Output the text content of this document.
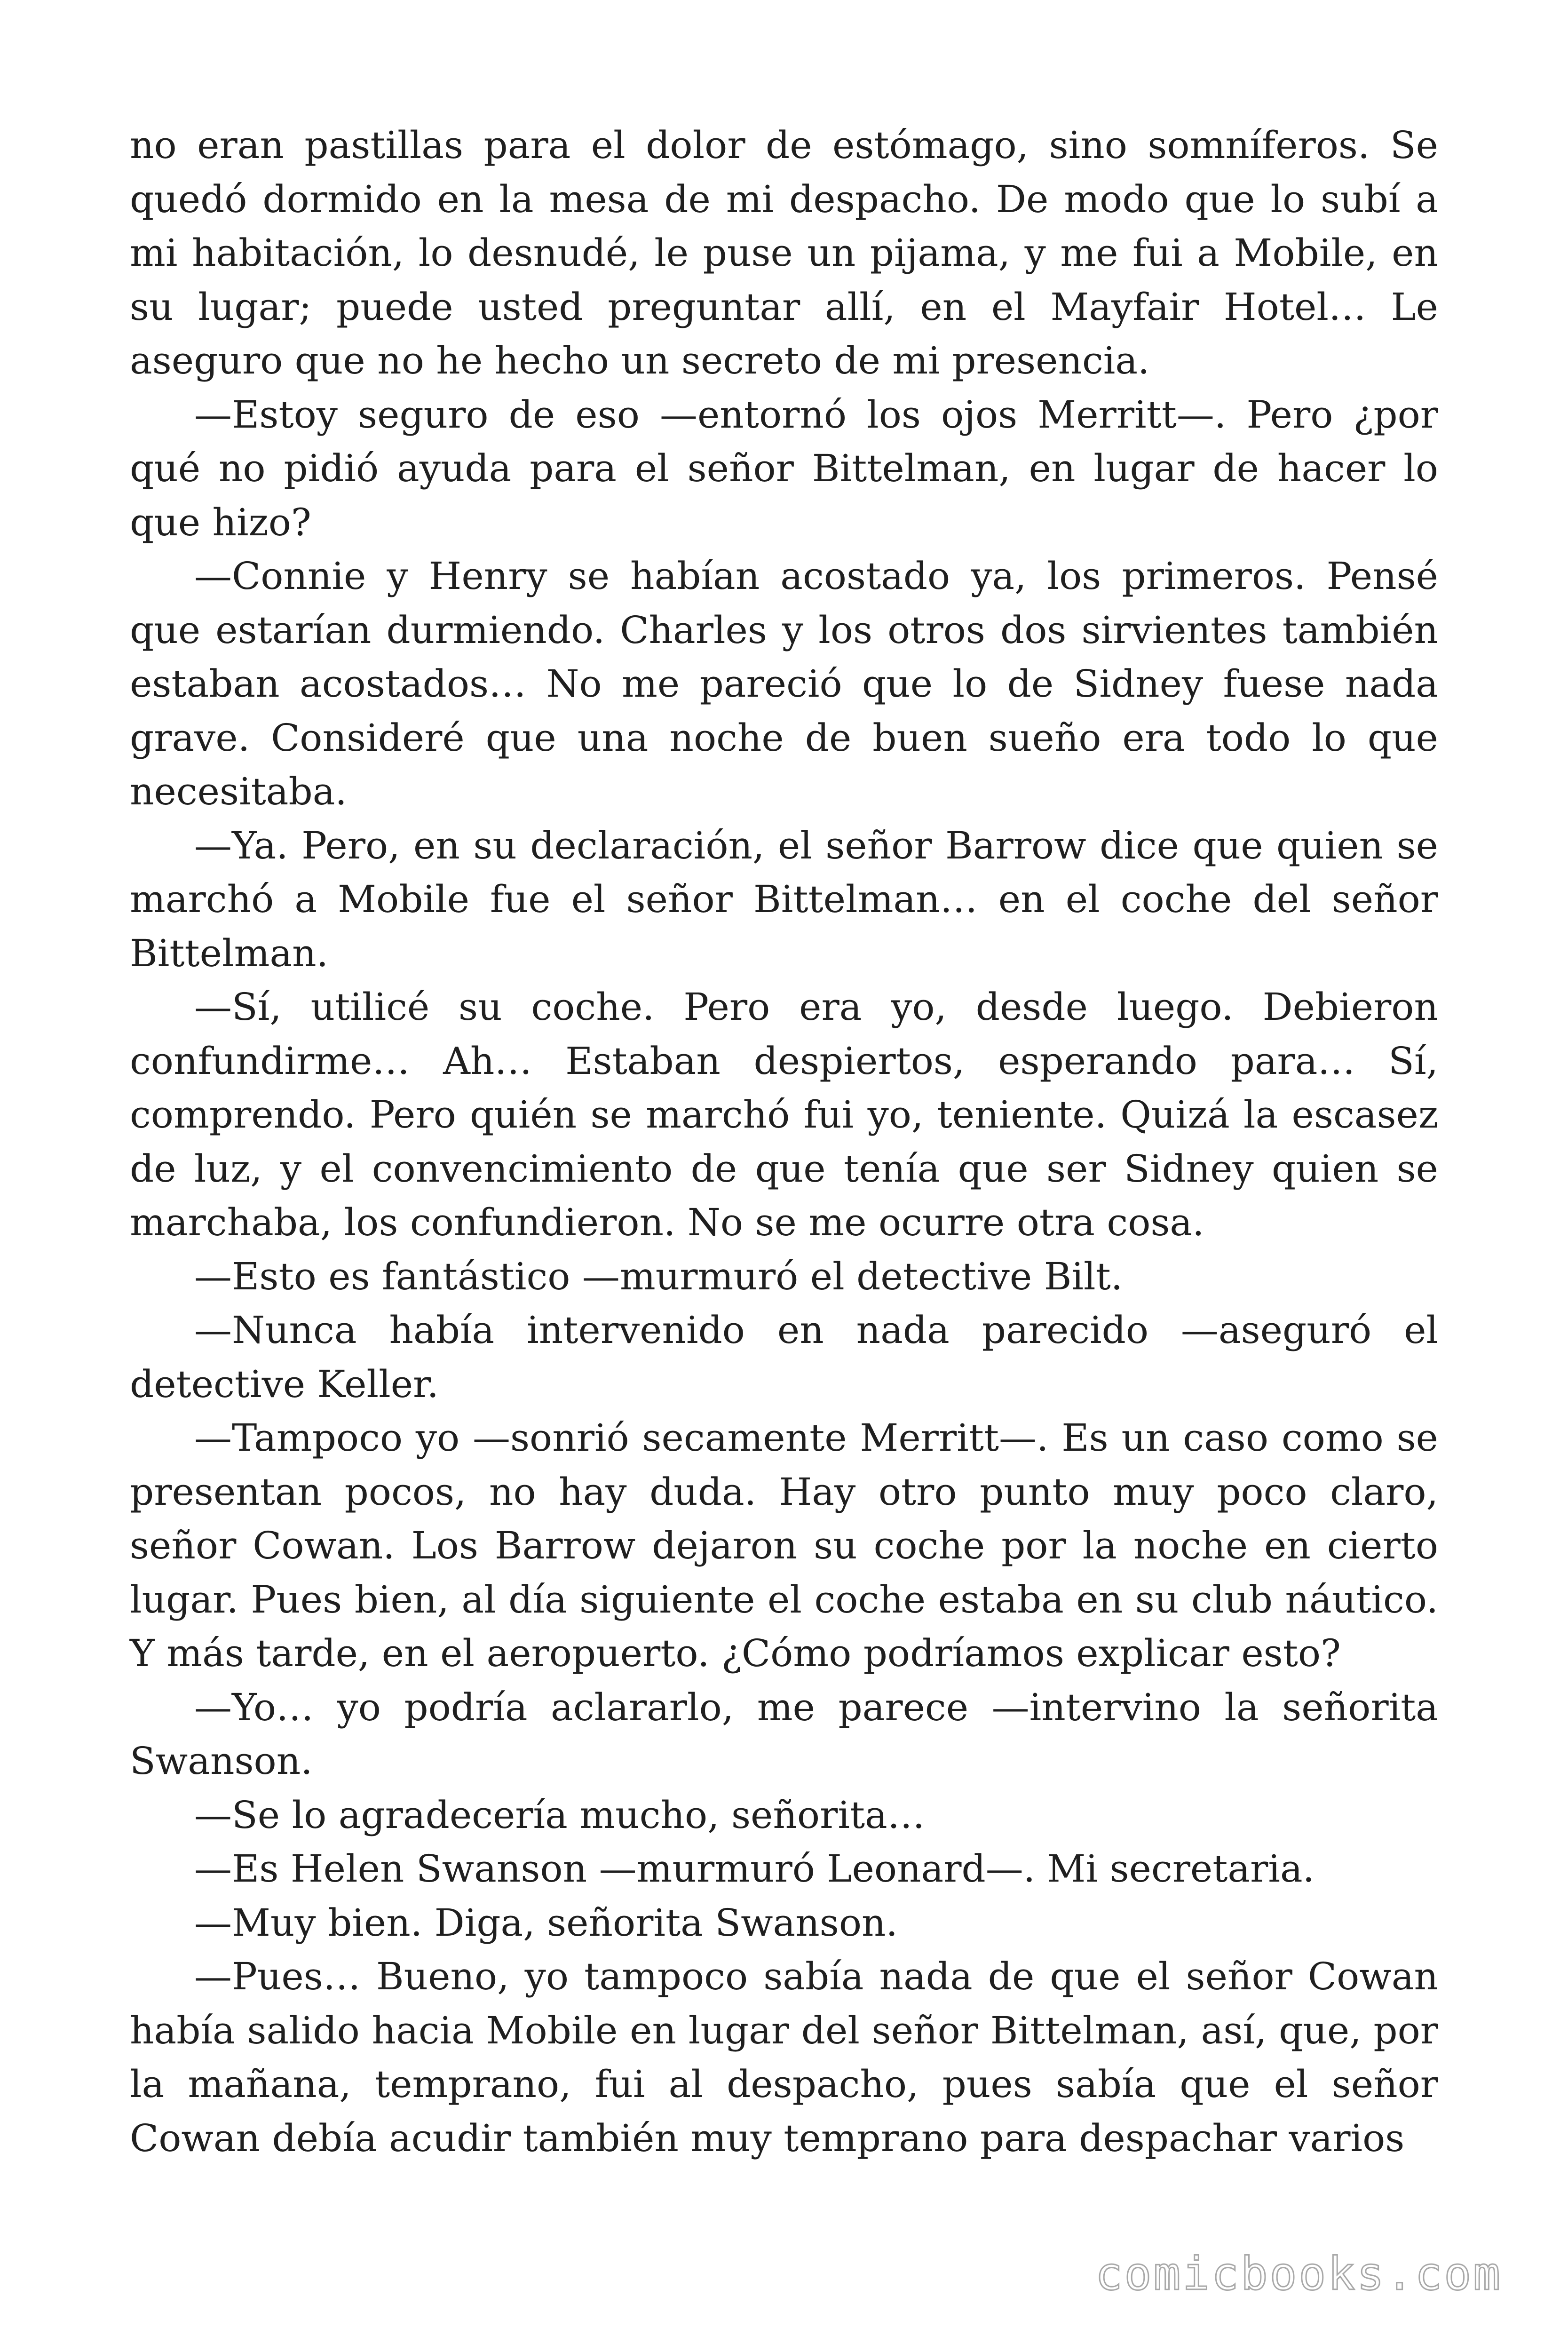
no eran pastillas para el dolor de estómago, sino somníferos. Se quedó dormido en la mesa de mi despacho. De modo que lo subí a mi habitación, lo desnudé, le puse un pijama, y me fui a Mobile, en su lugar; puede usted preguntar allí, en el Mayfair Hotel… Le aseguro que no he hecho un secreto de mi presencia.

—Estoy seguro de eso —entornó los ojos Merritt—. Pero ¿por qué no pidió ayuda para el señor Bittelman, en lugar de hacer lo que hizo?

—Connie y Henry se habían acostado ya, los primeros. Pensé que estarían durmiendo. Charles y los otros dos sirvientes también estaban acostados… No me pareció que lo de Sidney fuese nada grave. Consideré que una noche de buen sueño era todo lo que necesitaba.

—Ya. Pero, en su declaración, el señor Barrow dice que quien se marchó a Mobile fue el señor Bittelman… en el coche del señor Bittelman.

—Sí, utilicé su coche. Pero era yo, desde luego. Debieron confundirme… Ah… Estaban despiertos, esperando para… Sí, comprendo. Pero quién se marchó fui yo, teniente. Quizá la escasez de luz, y el convencimiento de que tenía que ser Sidney quien se marchaba, los confundieron. No se me ocurre otra cosa.

—Esto es fantástico —murmuró el detective Bilt.

—Nunca había intervenido en nada parecido —aseguró el detective Keller.

—Tampoco yo —sonrió secamente Merritt—. Es un caso como se presentan pocos, no hay duda. Hay otro punto muy poco claro, señor Cowan. Los Barrow dejaron su coche por la noche en cierto lugar. Pues bien, al día siguiente el coche estaba en su club náutico. Y más tarde, en el aeropuerto. ¿Cómo podríamos explicar esto?

—Yo… yo podría aclararlo, me parece —intervino la señorita Swanson.

—Se lo agradecería mucho, señorita…

—Es Helen Swanson —murmuró Leonard—. Mi secretaria.

—Muy bien. Diga, señorita Swanson.

—Pues… Bueno, yo tampoco sabía nada de que el señor Cowan había salido hacia Mobile en lugar del señor Bittelman, así, que, por la mañana, temprano, fui al despacho, pues sabía que el señor Cowan debía acudir también muy temprano para despachar varios

comicbooks.com
